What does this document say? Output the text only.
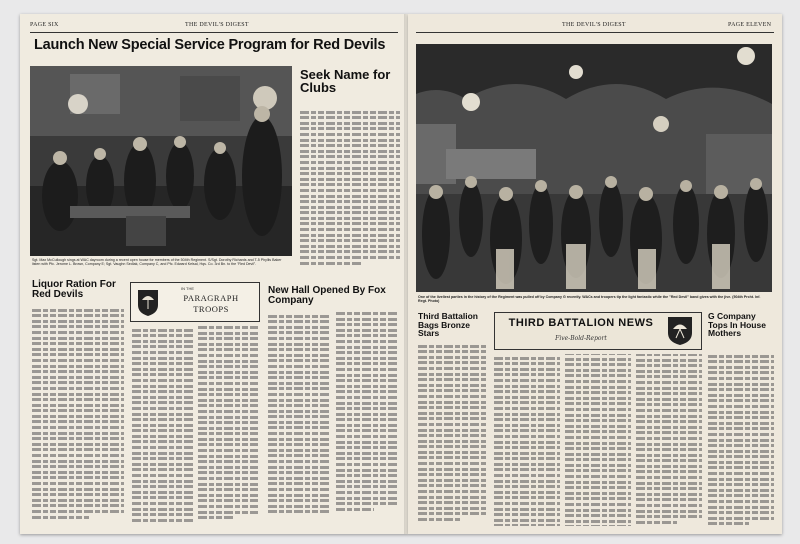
PAGE SIX	THE DEVIL'S DIGEST
Launch New Special Service Program for Red Devils
Sgt. Max McCullough sings at WAC dayroom during a recent open house for members of the 504th Regiment. S/Sgt. Dorothy Richards and T-5 Phyllis Baker listen with Pfc. Jerome L. Brown, Company E; Sgt. Vaughn Sedlak, Company C, and Pfc. Edward Kelsal, Hqs. Co. 3rd Bn. to the "Red Devil".
Seek Name for Clubs
Liquor Ration For Red Devils
IN THE
PARAGRAPH TROOPS
New Hall Opened By Fox Company
THE DEVIL'S DIGEST	PAGE ELEVEN
One of the liveliest parties in the history of the Regiment was pulled off by Company G recently. WACs and troopers tip the light fantastic while the "Red Devil" band gives with the jive. (504th Prcht. Inf. Regt. Photo)
Third Battalion Bags Bronze Stars
THIRD BATTALION NEWS
Five-Bold-Report
G Company Tops In House Mothers
